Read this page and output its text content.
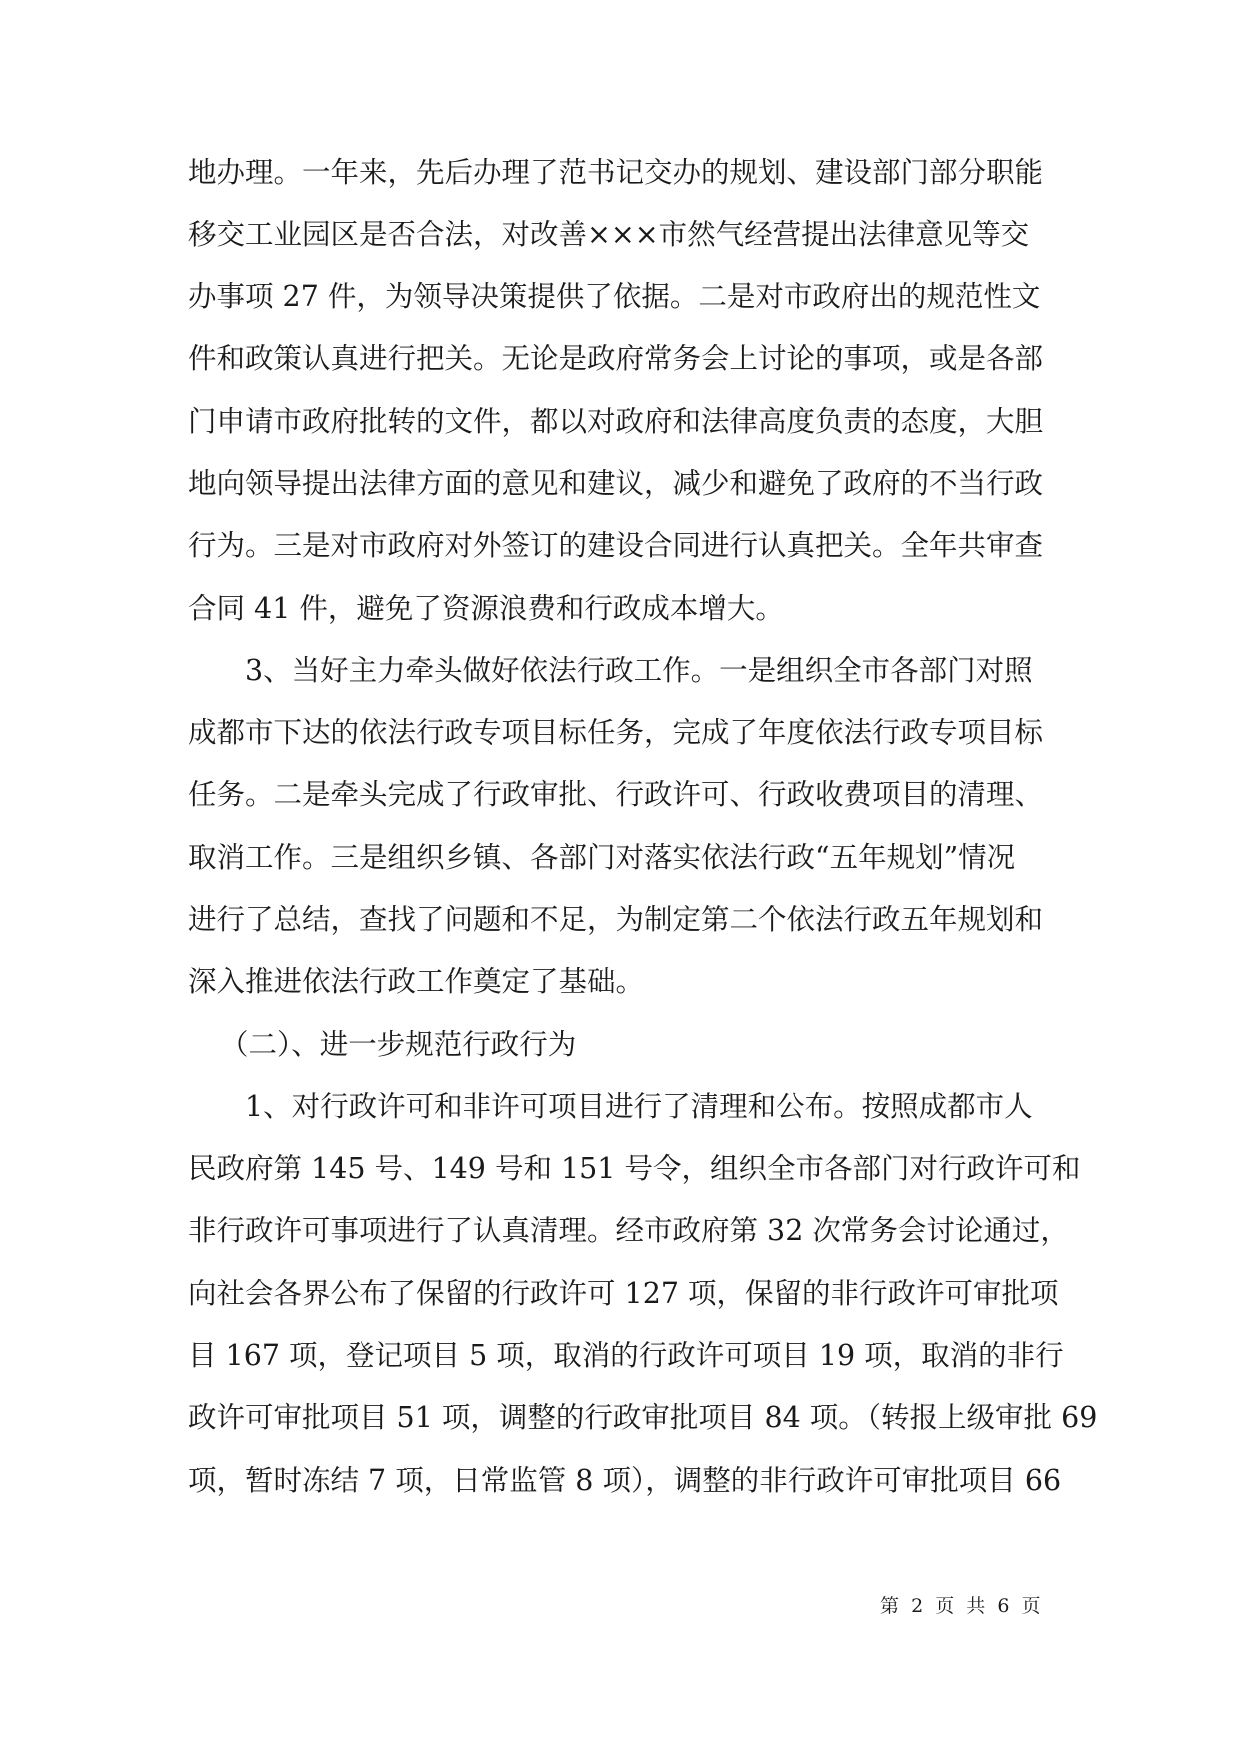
地办理。一年来，先后办理了范书记交办的规划、建设部门部分职能
移交工业园区是否合法，对改善×××市然气经营提出法律意见等交
办事项 27 件，为领导决策提供了依据。二是对市政府出的规范性文
件和政策认真进行把关。无论是政府常务会上讨论的事项，或是各部
门申请市政府批转的文件，都以对政府和法律高度负责的态度，大胆
地向领导提出法律方面的意见和建议，减少和避免了政府的不当行政
行为。三是对市政府对外签订的建设合同进行认真把关。全年共审查
合同 41 件，避免了资源浪费和行政成本增大。
3、当好主力牵头做好依法行政工作。一是组织全市各部门对照
成都市下达的依法行政专项目标任务，完成了年度依法行政专项目标
任务。二是牵头完成了行政审批、行政许可、行政收费项目的清理、
取消工作。三是组织乡镇、各部门对落实依法行政“五年规划”情况
进行了总结，查找了问题和不足，为制定第二个依法行政五年规划和
深入推进依法行政工作奠定了基础。
（二）、进一步规范行政行为
1、对行政许可和非许可项目进行了清理和公布。按照成都市人
民政府第 145 号、149 号和 151 号令，组织全市各部门对行政许可和
非行政许可事项进行了认真清理。经市政府第 32 次常务会讨论通过，
向社会各界公布了保留的行政许可 127 项，保留的非行政许可审批项
目 167 项，登记项目 5 项，取消的行政许可项目 19 项，取消的非行
政许可审批项目 51 项，调整的行政审批项目 84 项。（转报上级审批 69
项，暂时冻结 7 项，日常监管 8 项），调整的非行政许可审批项目 66
第 2 页 共 6 页
